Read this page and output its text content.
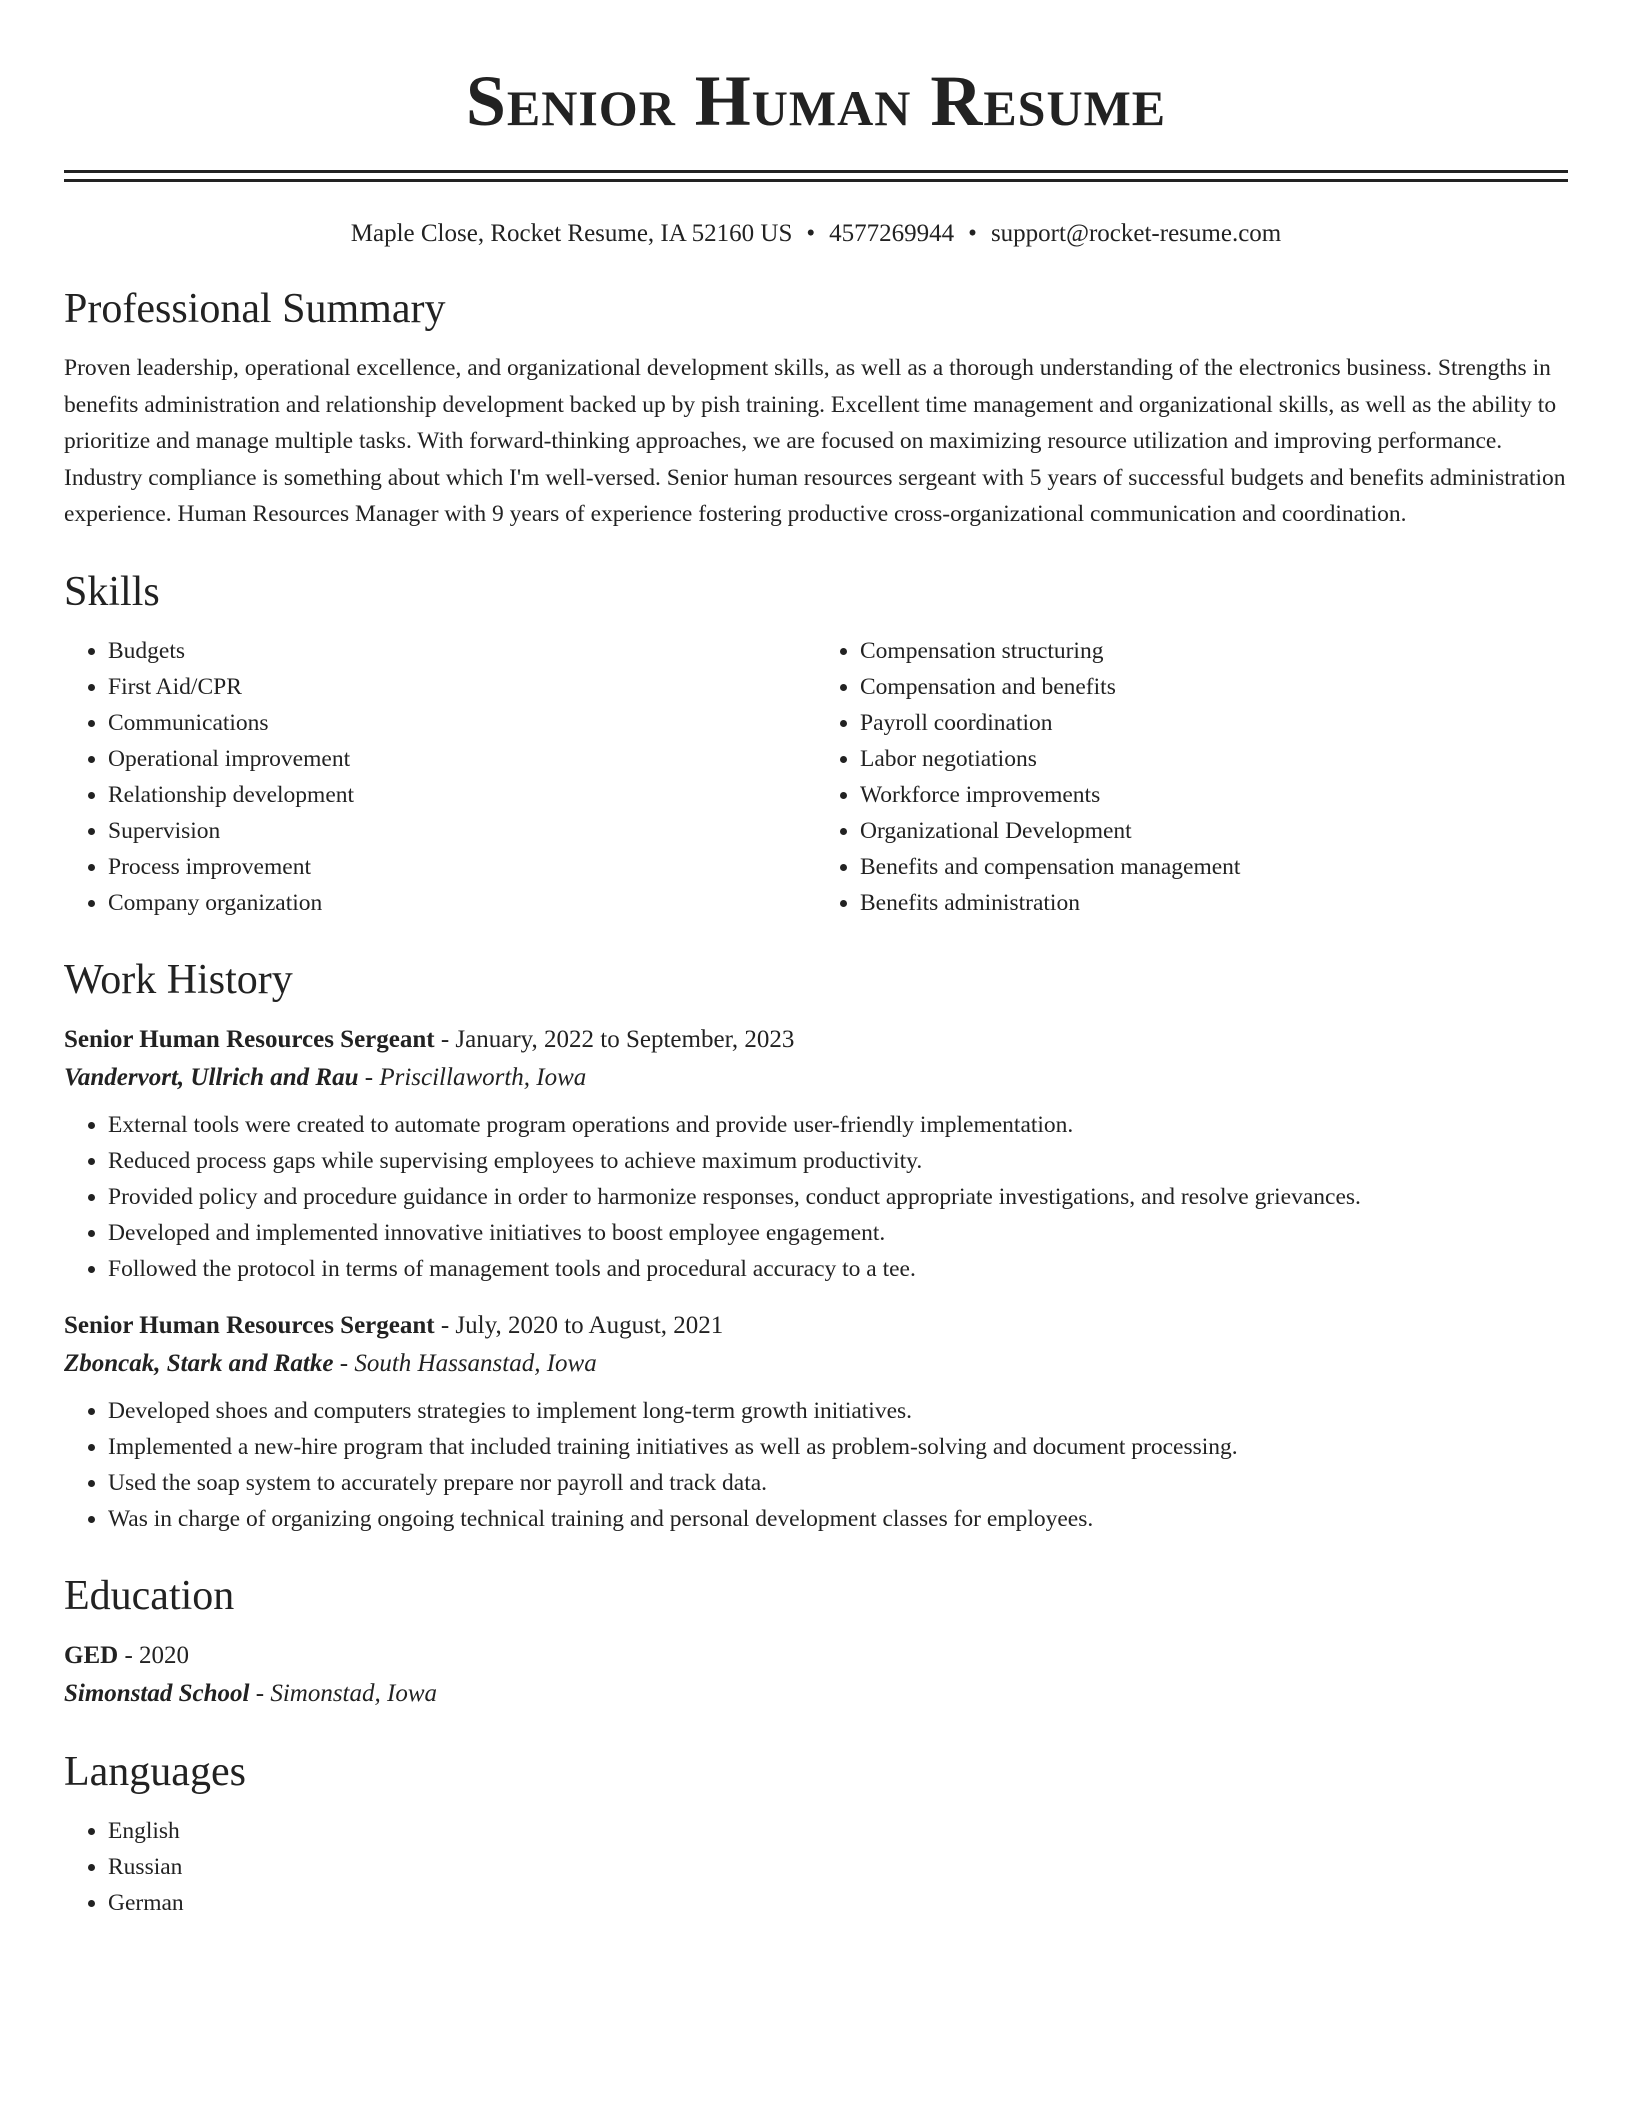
Senior Human Resume
Maple Close, Rocket Resume, IA 52160 US • 4577269944 • support@rocket-resume.com
Professional Summary

Proven leadership, operational excellence, and organizational development skills, as well as a thorough understanding of the electronics business. Strengths in benefits administration and relationship development backed up by pish training. Excellent time management and organizational skills, as well as the ability to prioritize and manage multiple tasks. With forward-thinking approaches, we are focused on maximizing resource utilization and improving performance. Industry compliance is something about which I'm well-versed. Senior human resources sergeant with 5 years of successful budgets and benefits administration experience. Human Resources Manager with 9 years of experience fostering productive cross-organizational communication and coordination.

Skills
• Budgets
• First Aid/CPR
• Communications
• Operational improvement
• Relationship development
• Supervision
• Process improvement
• Company organization
• Compensation structuring
• Compensation and benefits
• Payroll coordination
• Labor negotiations
• Workforce improvements
• Organizational Development
• Benefits and compensation management
• Benefits administration
Work History

Senior Human Resources Sergeant - January, 2022 to September, 2023

Vandervort, Ullrich and Rau - Priscillaworth, Iowa

• External tools were created to automate program operations and provide user-friendly implementation.
• Reduced process gaps while supervising employees to achieve maximum productivity.
• Provided policy and procedure guidance in order to harmonize responses, conduct appropriate investigations, and resolve grievances.
• Developed and implemented innovative initiatives to boost employee engagement.
• Followed the protocol in terms of management tools and procedural accuracy to a tee.

Senior Human Resources Sergeant - July, 2020 to August, 2021

Zboncak, Stark and Ratke - South Hassanstad, Iowa

• Developed shoes and computers strategies to implement long-term growth initiatives.
• Implemented a new-hire program that included training initiatives as well as problem-solving and document processing.
• Used the soap system to accurately prepare nor payroll and track data.
• Was in charge of organizing ongoing technical training and personal development classes for employees.
Education

GED - 2020

Simonstad School - Simonstad, Iowa

Languages
• English
• Russian
• German
